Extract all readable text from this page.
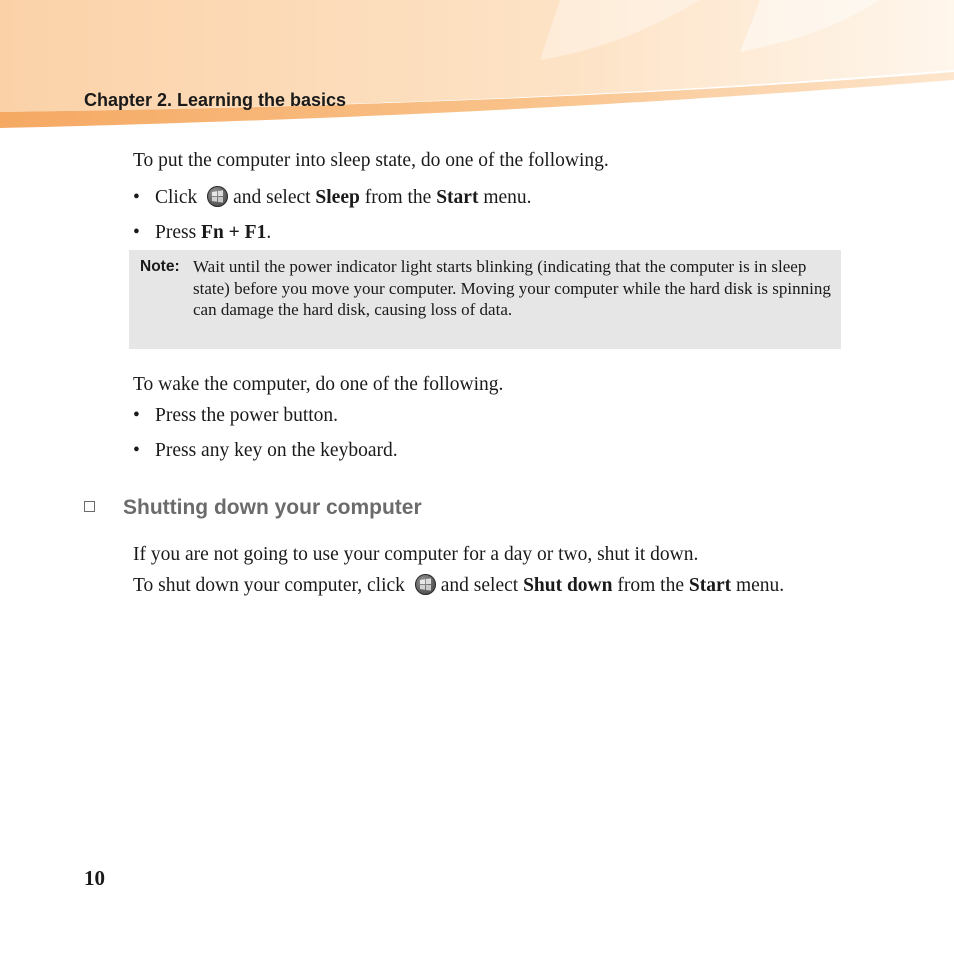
Chapter 2. Learning the basics
To put the computer into sleep state, do one of the following.
• Click and select Sleep from the Start menu.
• Press Fn + F1.
Note: Wait until the power indicator light starts blinking (indicating that the computer is in sleep state) before you move your computer. Moving your computer while the hard disk is spinning can damage the hard disk, causing loss of data.
To wake the computer, do one of the following.
• Press the power button.
• Press any key on the keyboard.
Shutting down your computer
If you are not going to use your computer for a day or two, shut it down.
To shut down your computer, click and select Shut down from the Start menu.
10
